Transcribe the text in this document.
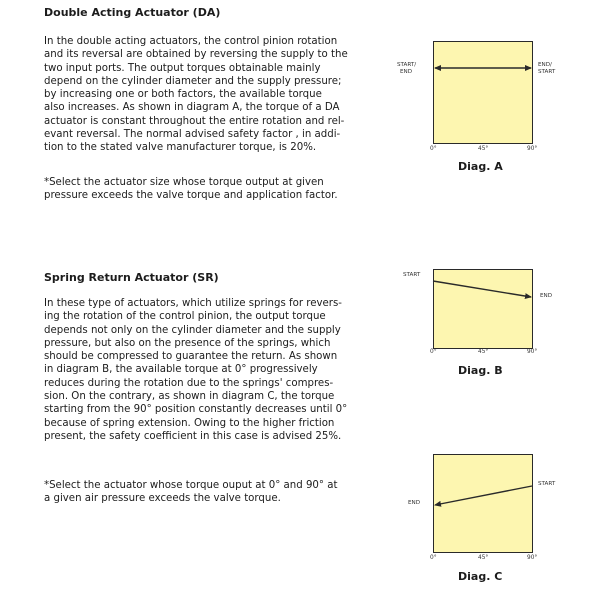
Double Acting Actuator (DA)
In the double acting actuators, the control pinion rotation
and its reversal are obtained by reversing the supply to the
two input ports. The output torques obtainable mainly
depend on the cylinder diameter and the supply pressure;
by increasing one or both factors, the available torque
also increases. As shown in diagram A, the torque of a DA
actuator is constant throughout the entire rotation and rel-
evant reversal. The normal advised safety factor , in addi-
tion to the stated valve manufacturer torque, is 20%.
*Select the actuator size whose torque output at given
pressure exceeds the valve torque and application factor.
START/
END
END/
START
0°	45°	90°
Diag. A
Spring Return Actuator (SR)
In these type of actuators, which utilize springs for revers-
ing the rotation of the control pinion, the output torque
depends not only on the cylinder diameter and the supply
pressure, but also on the presence of the springs, which
should be compressed to guarantee the return. As shown
in diagram B, the available torque at 0° progressively
reduces during the rotation due to the springs' compres-
sion. On the contrary, as shown in diagram C, the torque
starting from the 90° position constantly decreases until 0°
because of spring extension. Owing to the higher friction
present, the safety coefficient in this case is advised 25%.
*Select the actuator whose torque ouput at 0° and 90° at
a given air pressure exceeds the valve torque.
START
END
0°	45°	90°
Diag. B
END
START
0°	45°	90°
Diag. C
